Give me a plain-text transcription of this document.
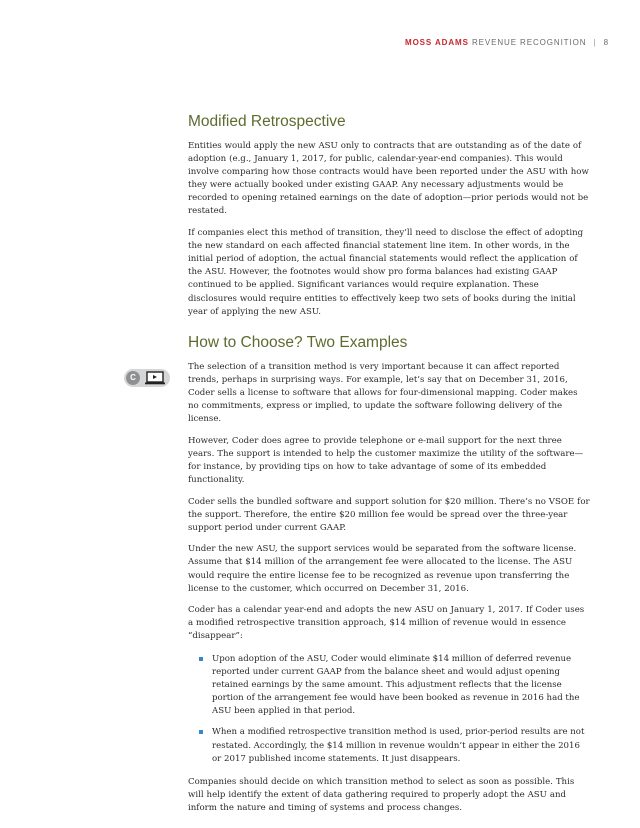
MOSS ADAMS REVENUE RECOGNITION | 8
C
Modified Retrospective

Entities would apply the new ASU only to contracts that are outstanding as of the date of adoption (e.g., January 1, 2017, for public, calendar-year-end companies). This would involve comparing how those contracts would have been reported under the ASU with how they were actually booked under existing GAAP. Any necessary adjustments would be recorded to opening retained earnings on the date of adoption—prior periods would not be restated.

If companies elect this method of transition, they’ll need to disclose the effect of adopting the new standard on each affected financial statement line item. In other words, in the initial period of adoption, the actual financial statements would reflect the application of the ASU. However, the footnotes would show pro forma balances had existing GAAP continued to be applied. Significant variances would require explanation. These disclosures would require entities to effectively keep two sets of books during the initial year of applying the new ASU.

How to Choose? Two Examples

The selection of a transition method is very important because it can affect reported trends, perhaps in surprising ways. For example, let’s say that on December 31, 2016, Coder sells a license to software that allows for four-dimensional mapping. Coder makes no commitments, express or implied, to update the software following delivery of the license.

However, Coder does agree to provide telephone or e-mail support for the next three years. The support is intended to help the customer maximize the utility of the software—for instance, by providing tips on how to take advantage of some of its embedded functionality.

Coder sells the bundled software and support solution for $20 million. There’s no VSOE for the support. Therefore, the entire $20 million fee would be spread over the three-year support period under current GAAP.

Under the new ASU, the support services would be separated from the software license. Assume that $14 million of the arrangement fee were allocated to the license. The ASU would require the entire license fee to be recognized as revenue upon transferring the license to the customer, which occurred on December 31, 2016.

Coder has a calendar year-end and adopts the new ASU on January 1, 2017. If Coder uses a modified retrospective transition approach, $14 million of revenue would in essence “disappear”:

Upon adoption of the ASU, Coder would eliminate $14 million of deferred revenue reported under current GAAP from the balance sheet and would adjust opening retained earnings by the same amount. This adjustment reflects that the license portion of the arrangement fee would have been booked as revenue in 2016 had the ASU been applied in that period.
When a modified retrospective transition method is used, prior-period results are not restated. Accordingly, the $14 million in revenue wouldn’t appear in either the 2016 or 2017 published income statements. It just disappears.

Companies should decide on which transition method to select as soon as possible. This will help identify the extent of data gathering required to properly adopt the ASU and inform the nature and timing of systems and process changes.
